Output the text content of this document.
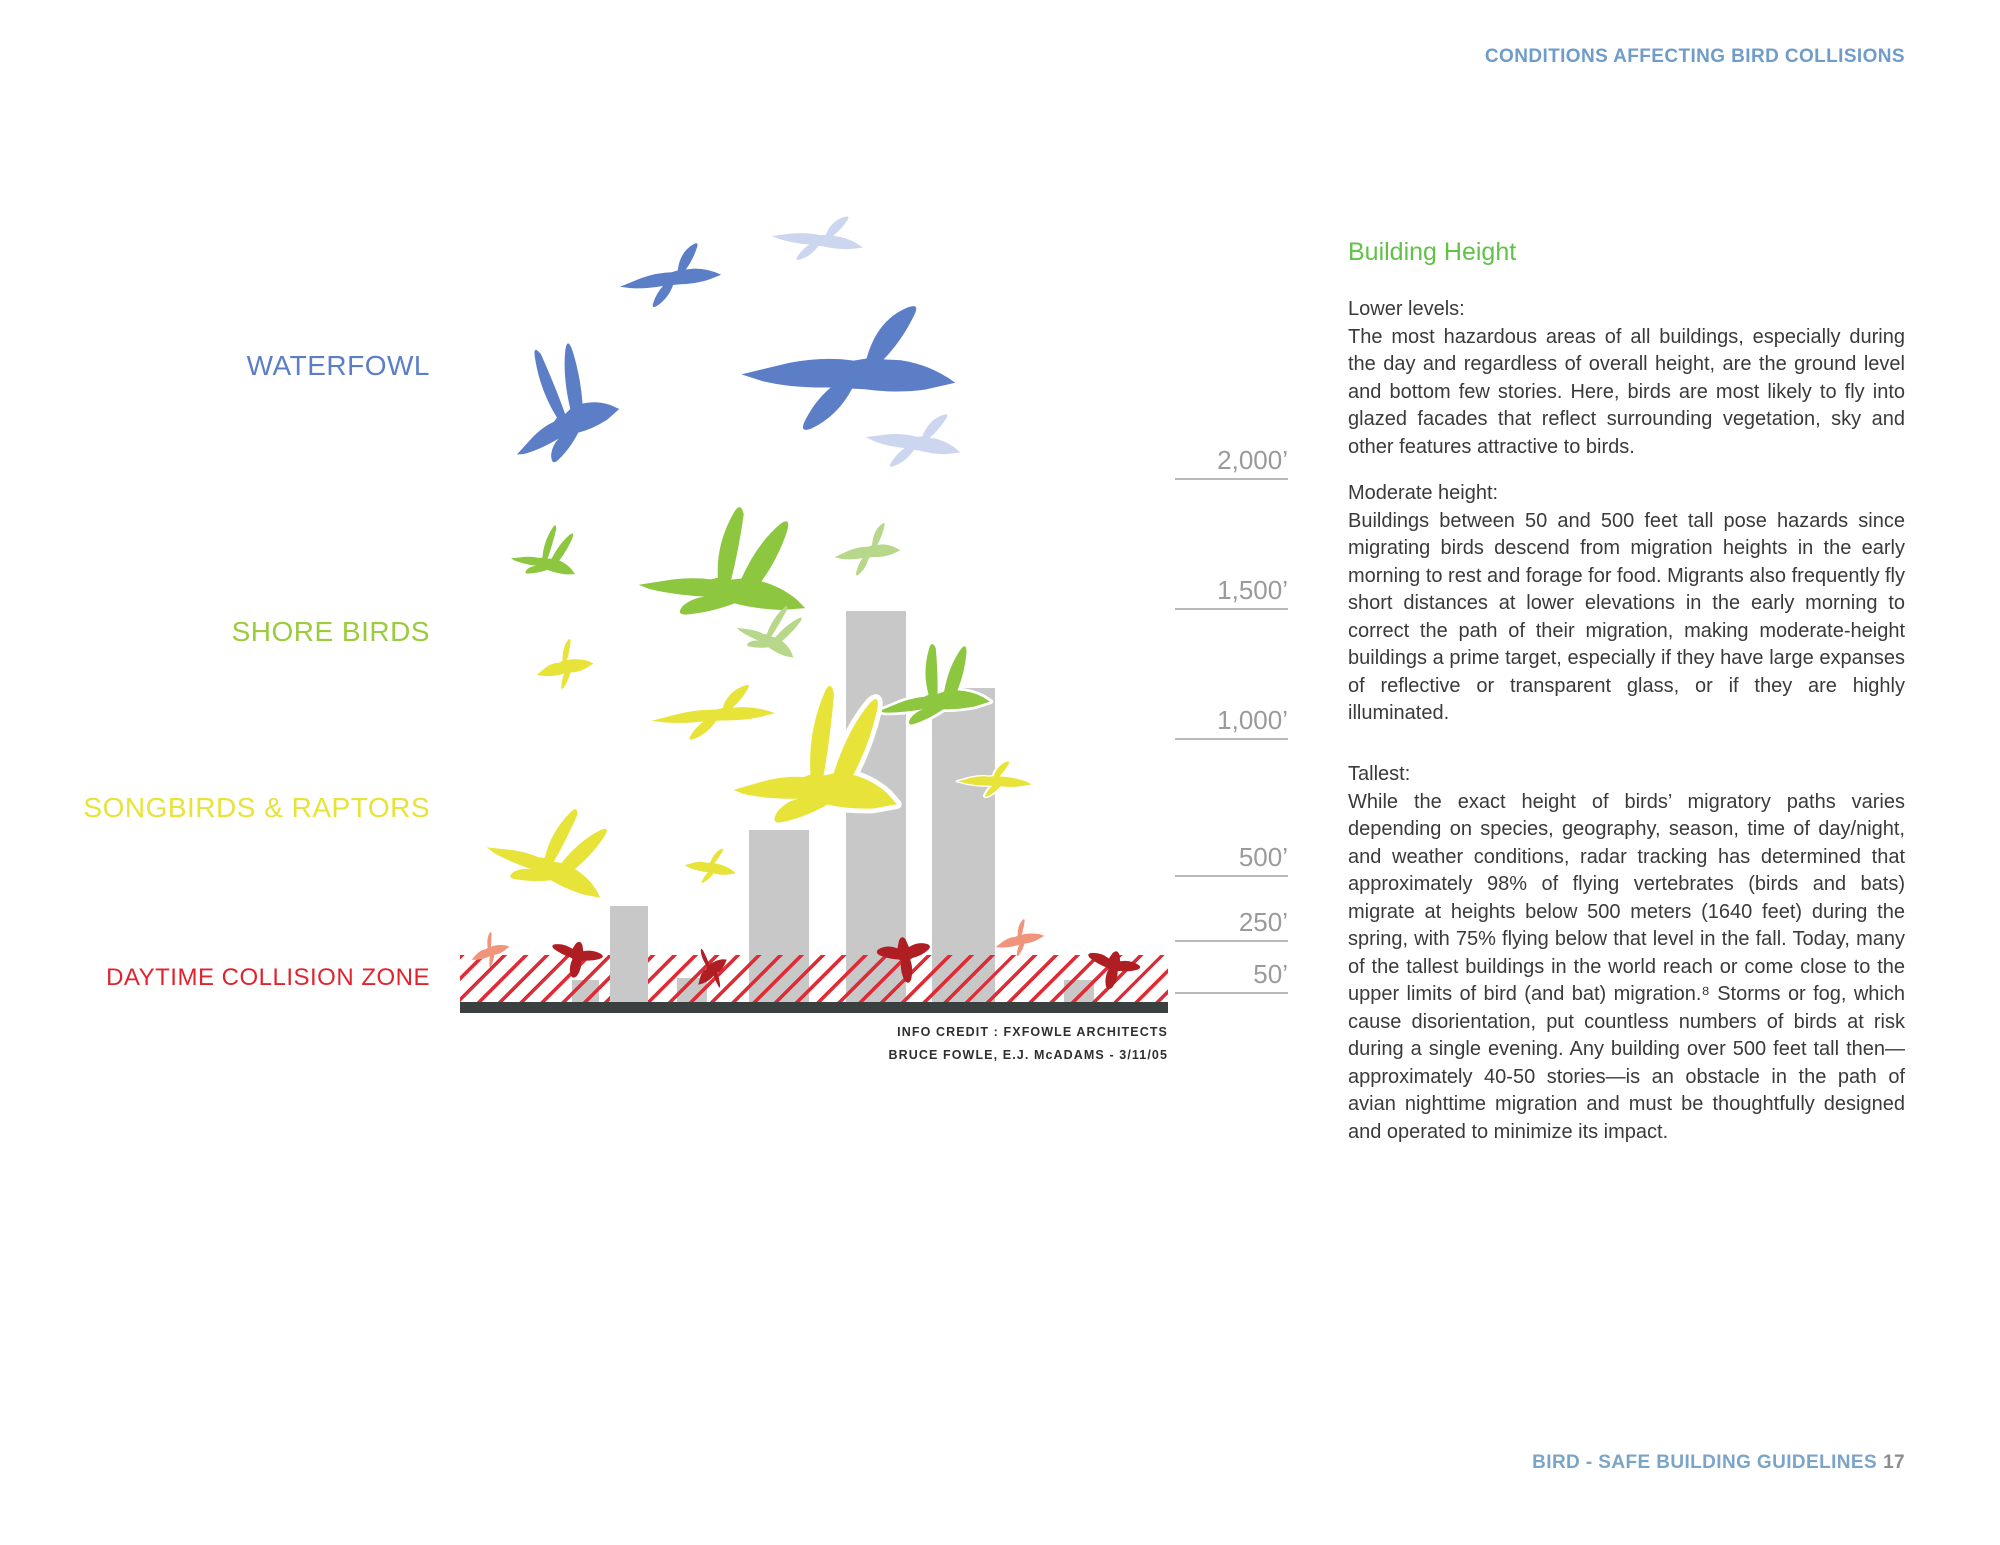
CONDITIONS AFFECTING BIRD COLLISIONS
WATERFOWL
SHORE BIRDS
SONGBIRDS & RAPTORS
DAYTIME COLLISION ZONE
2,000’
1,500’
1,000’
500’
250’
50’
INFO CREDIT : FXFOWLE ARCHITECTS
BRUCE FOWLE, E.J. McADAMS - 3/11/05
Building Height
Lower levels:
The most hazardous areas of all buildings, especially during the day and regardless of overall height, are the ground level and bottom few stories. Here, birds are most likely to fly into glazed facades that reflect surrounding vegetation, sky and other features attractive to birds.
Moderate height:
Buildings between 50 and 500 feet tall pose hazards since migrating birds descend from migration heights in the early morning to rest and forage for food. Migrants also frequently fly short distances at lower elevations in the early morning to correct the path of their migration, making moderate-height buildings a prime target, especially if they have large expanses of reflective or transparent glass, or if they are highly illuminated.
Tallest:
While the exact height of birds’ migratory paths varies depending on species, geography, season, time of day/night, and weather conditions, radar tracking has determined that approximately 98% of flying vertebrates (birds and bats) migrate at heights below 500 meters (1640 feet) during the spring, with 75% flying below that level in the fall. Today, many of the tallest buildings in the world reach or come close to the upper limits of bird (and bat) migration.⁸ Storms or fog, which cause disorientation, put countless numbers of birds at risk during a single evening. Any building over 500 feet tall then—approximately 40-50 stories—is an obstacle in the path of avian nighttime migration and must be thoughtfully designed and operated to minimize its impact.
BIRD - SAFE BUILDING GUIDELINES 17
